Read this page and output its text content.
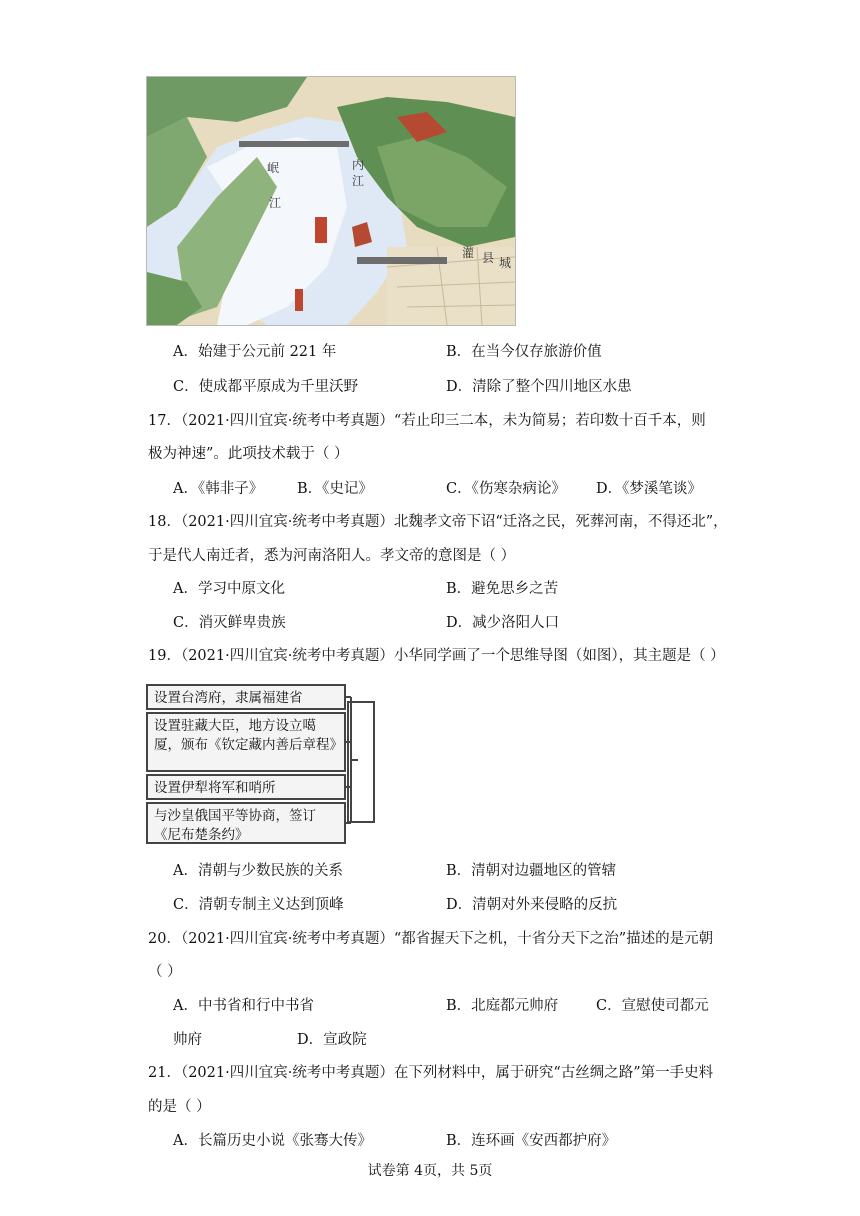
内
江
岷
江
灌 县 城
A．始建于公元前 221 年	B．在当今仅存旅游价值
C．使成都平原成为千里沃野	D．清除了整个四川地区水患
17．（2021·四川宜宾·统考中考真题）“若止印三二本，未为简易；若印数十百千本，则
极为神速”。此项技术载于（ ）
A．《韩非子》 B．《史记》	C．《伤寒杂病论》 D．《梦溪笔谈》
18．（2021·四川宜宾·统考中考真题）北魏孝文帝下诏“迁洛之民，死葬河南，不得还北”，
于是代人南迁者，悉为河南洛阳人。孝文帝的意图是（ ）
A．学习中原文化	B．避免思乡之苦
C．消灭鲜卑贵族	D．减少洛阳人口
19．（2021·四川宜宾·统考中考真题）小华同学画了一个思维导图（如图），其主题是（ ）
设置台湾府，隶属福建省
设置驻藏大臣，地方设立噶厦，颁布《钦定藏内善后章程》
设置伊犁将军和哨所
与沙皇俄国平等协商，签订《尼布楚条约》
A．清朝与少数民族的关系	B．清朝对边疆地区的管辖
C．清朝专制主义达到顶峰	D．清朝对外来侵略的反抗
20．（2021·四川宜宾·统考中考真题）“都省握天下之机，十省分天下之治”描述的是元朝
（ ）
A．中书省和行中书省	B．北庭都元帅府	C．宣慰使司都元
帅府	D．宣政院
21．（2021·四川宜宾·统考中考真题）在下列材料中，属于研究“古丝绸之路”第一手史料
的是（ ）
A．长篇历史小说《张骞大传》	B．连环画《安西都护府》
试卷第 4页，共 5页
